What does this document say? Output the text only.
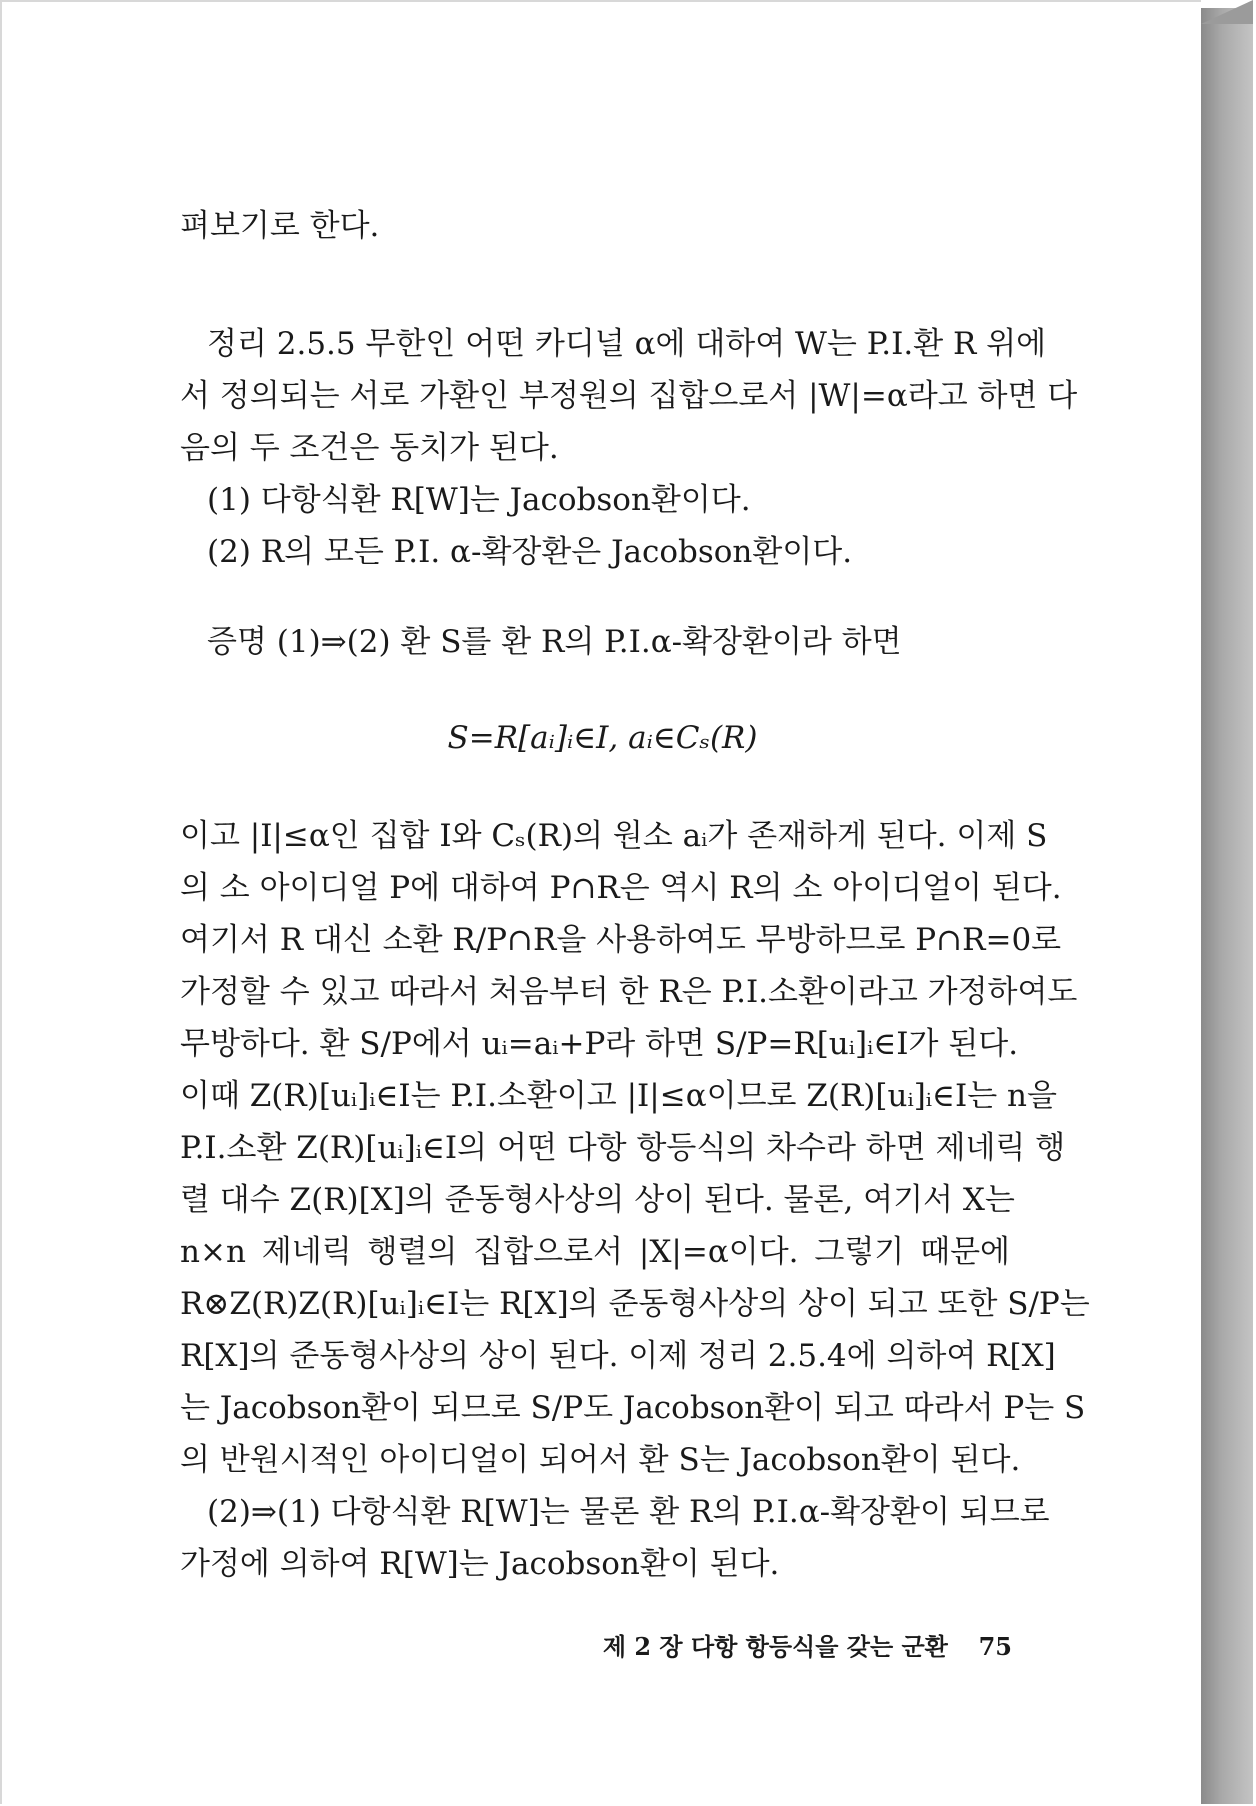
펴보기로 한다.
정리 2.5.5 무한인 어떤 카디널 α에 대하여 W는 P.I.환 R 위에
서 정의되는 서로 가환인 부정원의 집합으로서 |W|=α라고 하면 다
음의 두 조건은 동치가 된다.
(1) 다항식환 R[W]는 Jacobson환이다.
(2) R의 모든 P.I. α-확장환은 Jacobson환이다.
증명 (1)⇒(2) 환 S를 환 R의 P.I.α-확장환이라 하면
S=R[aᵢ]ᵢ∈I, aᵢ∈Cₛ(R)
이고 |I|≤α인 집합 I와 Cₛ(R)의 원소 aᵢ가 존재하게 된다. 이제 S
의 소 아이디얼 P에 대하여 P∩R은 역시 R의 소 아이디얼이 된다.
여기서 R 대신 소환 R/P∩R을 사용하여도 무방하므로 P∩R=0로
가정할 수 있고 따라서 처음부터 한 R은 P.I.소환이라고 가정하여도
무방하다. 환 S/P에서 uᵢ=aᵢ+P라 하면 S/P=R[uᵢ]ᵢ∈I가 된다.
이때 Z(R)[uᵢ]ᵢ∈I는 P.I.소환이고 |I|≤α이므로 Z(R)[uᵢ]ᵢ∈I는 n을
P.I.소환 Z(R)[uᵢ]ᵢ∈I의 어떤 다항 항등식의 차수라 하면 제네릭 행
렬 대수 Z(R)[X]의 준동형사상의 상이 된다. 물론, 여기서 X는
n×n 제네릭 행렬의 집합으로서 |X|=α이다. 그렇기 때문에
R⊗Z(R)Z(R)[uᵢ]ᵢ∈I는 R[X]의 준동형사상의 상이 되고 또한 S/P는
R[X]의 준동형사상의 상이 된다. 이제 정리 2.5.4에 의하여 R[X]
는 Jacobson환이 되므로 S/P도 Jacobson환이 되고 따라서 P는 S
의 반원시적인 아이디얼이 되어서 환 S는 Jacobson환이 된다.
(2)⇒(1) 다항식환 R[W]는 물론 환 R의 P.I.α-확장환이 되므로
가정에 의하여 R[W]는 Jacobson환이 된다.
제 2 장 다항 항등식을 갖는 군환 75
